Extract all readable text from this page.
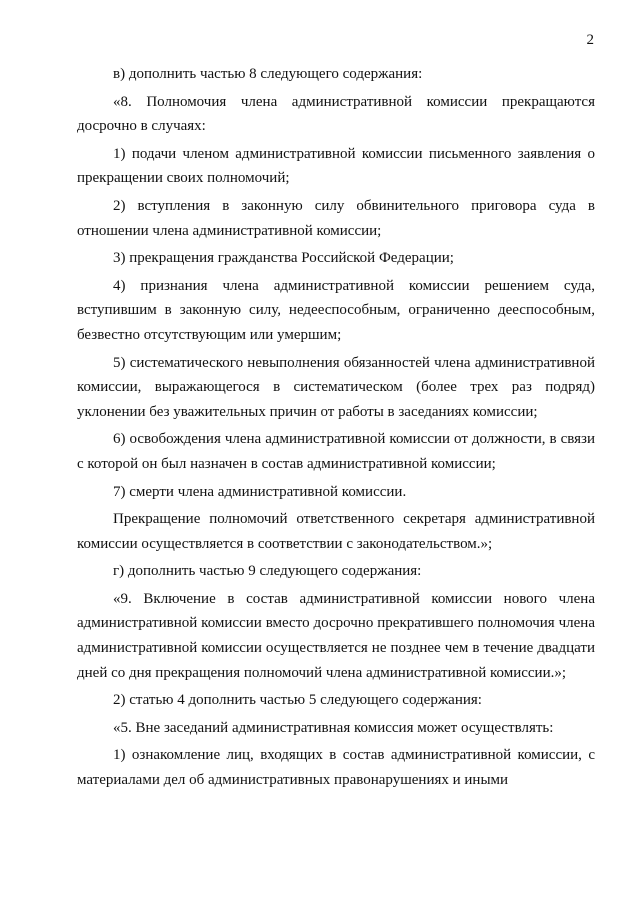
2

в) дополнить частью 8 следующего содержания:

«8. Полномочия члена административной комиссии прекращаются досрочно в случаях:

1) подачи членом административной комиссии письменного заявления о прекращении своих полномочий;

2) вступления в законную силу обвинительного приговора суда в отношении члена административной комиссии;

3) прекращения гражданства Российской Федерации;

4) признания члена административной комиссии решением суда, вступившим в законную силу, недееспособным, ограниченно дееспособным, безвестно отсутствующим или умершим;

5) систематического невыполнения обязанностей члена административной комиссии, выражающегося в систематическом (более трех раз подряд) уклонении без уважительных причин от работы в заседаниях комиссии;

6) освобождения члена административной комиссии от должности, в связи с которой он был назначен в состав административной комиссии;

7) смерти члена административной комиссии.

Прекращение полномочий ответственного секретаря административной комиссии осуществляется в соответствии с законодательством.»;

г) дополнить частью 9 следующего содержания:

«9. Включение в состав административной комиссии нового члена административной комиссии вместо досрочно прекратившего полномочия члена административной комиссии осуществляется не позднее чем в течение двадцати дней со дня прекращения полномочий члена административной комиссии.»;

2) статью 4 дополнить частью 5 следующего содержания:

«5. Вне заседаний административная комиссия может осуществлять:

1) ознакомление лиц, входящих в состав административной комиссии, с материалами дел об административных правонарушениях и иными
